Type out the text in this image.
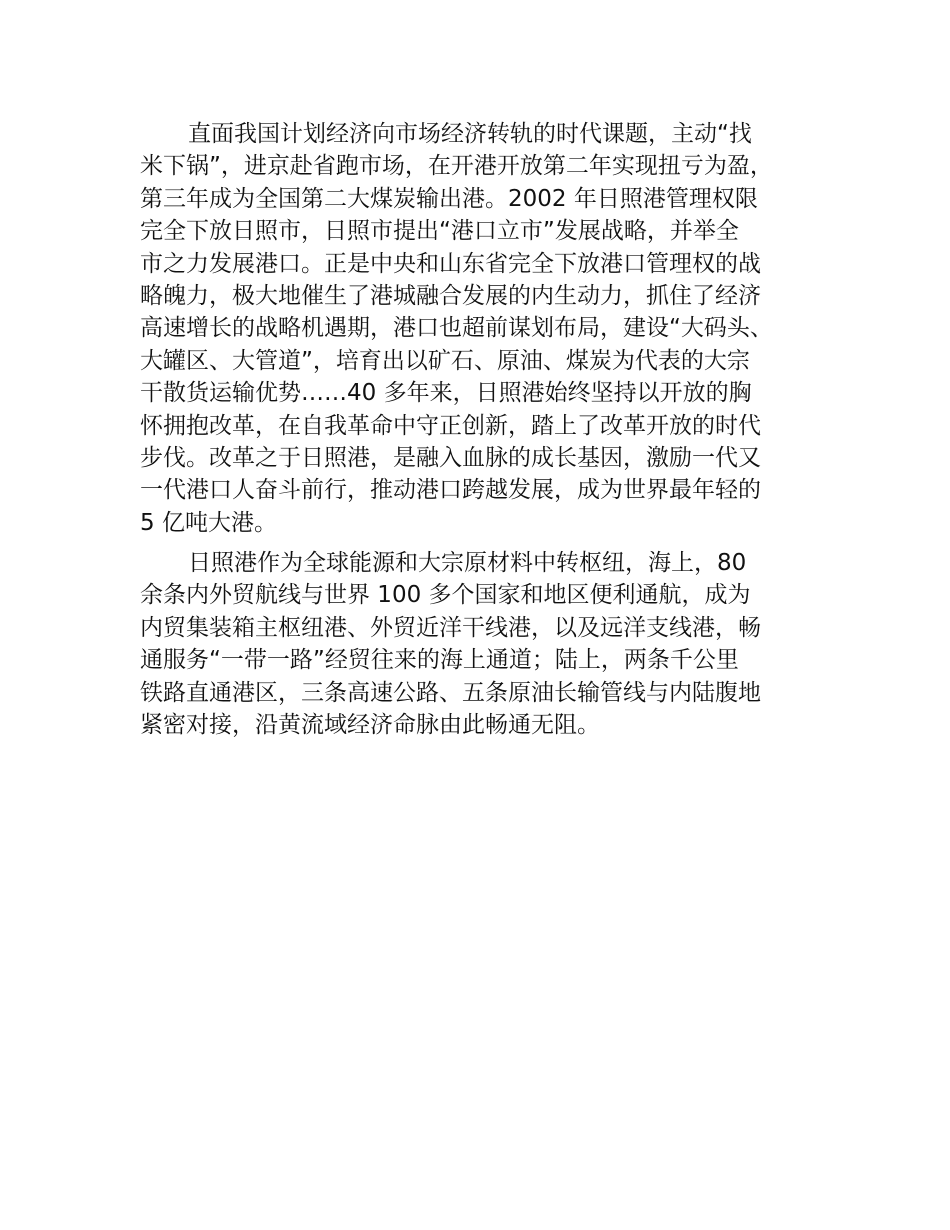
直面我国计划经济向市场经济转轨的时代课题，主动“找
米下锅”，进京赴省跑市场，在开港开放第二年实现扭亏为盈，
第三年成为全国第二大煤炭输出港。2002 年日照港管理权限
完全下放日照市，日照市提出“港口立市”发展战略，并举全
市之力发展港口。正是中央和山东省完全下放港口管理权的战
略魄力，极大地催生了港城融合发展的内生动力，抓住了经济
高速增长的战略机遇期，港口也超前谋划布局，建设“大码头、
大罐区、大管道”，培育出以矿石、原油、煤炭为代表的大宗
干散货运输优势……40 多年来，日照港始终坚持以开放的胸
怀拥抱改革，在自我革命中守正创新，踏上了改革开放的时代
步伐。改革之于日照港，是融入血脉的成长基因，激励一代又
一代港口人奋斗前行，推动港口跨越发展，成为世界最年轻的
5 亿吨大港。
日照港作为全球能源和大宗原材料中转枢纽，海上，80
余条内外贸航线与世界 100 多个国家和地区便利通航，成为
内贸集装箱主枢纽港、外贸近洋干线港，以及远洋支线港，畅
通服务“一带一路”经贸往来的海上通道；陆上，两条千公里
铁路直通港区，三条高速公路、五条原油长输管线与内陆腹地
紧密对接，沿黄流域经济命脉由此畅通无阻。
